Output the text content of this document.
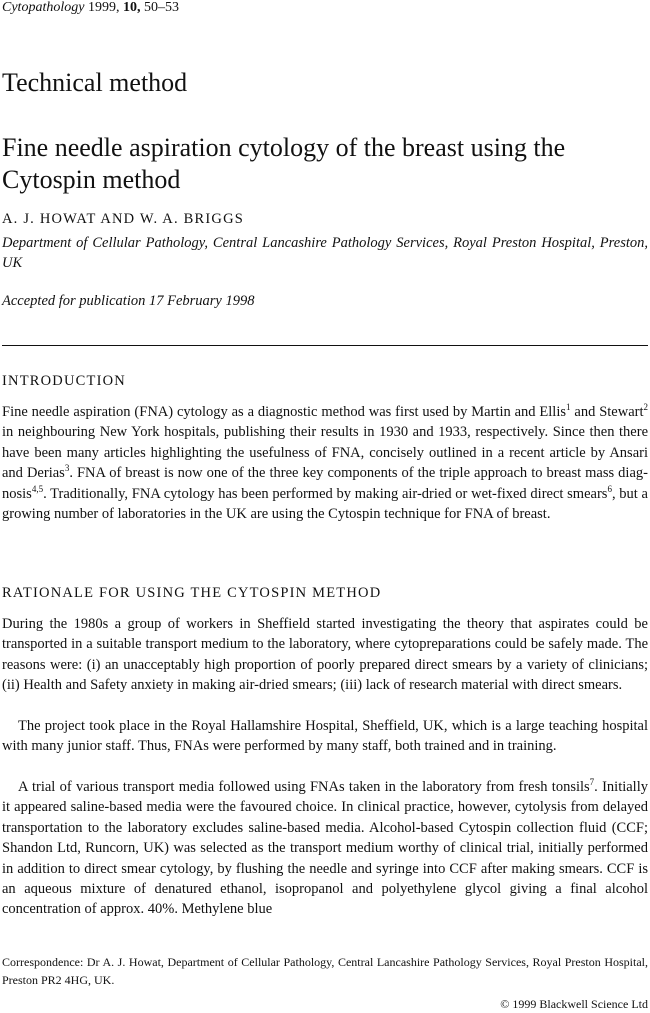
Cytopathology 1999, 10, 50–53
Technical method
Fine needle aspiration cytology of the breast using the Cytospin method
A. J. HOWAT AND W. A. BRIGGS
Department of Cellular Pathology, Central Lancashire Pathology Services, Royal Preston Hospital, Preston, UK
Accepted for publication 17 February 1998
INTRODUCTION
Fine needle aspiration (FNA) cytology as a diagnostic method was first used by Martin and Ellis$^1$ and Stewart$^2$ in neighbouring New York hospitals, publishing their results in 1930 and 1933, respectively. Since then there have been many articles highlighting the usefulness of FNA, concisely outlined in a recent article by Ansari and Derias$^3$. FNA of breast is now one of the three key components of the triple approach to breast mass diagnosis$^{4,5}$. Traditionally, FNA cytology has been performed by making air-dried or wet-fixed direct smears$^6$, but a growing number of laboratories in the UK are using the Cytospin technique for FNA of breast.
RATIONALE FOR USING THE CYTOSPIN METHOD
During the 1980s a group of workers in Sheffield started investigating the theory that aspirates could be transported in a suitable transport medium to the laboratory, where cytopreparations could be safely made. The reasons were: (i) an unacceptably high proportion of poorly prepared direct smears by a variety of clinicians; (ii) Health and Safety anxiety in making air-dried smears; (iii) lack of research material with direct smears.
The project took place in the Royal Hallamshire Hospital, Sheffield, UK, which is a large teaching hospital with many junior staff. Thus, FNAs were performed by many staff, both trained and in training.
A trial of various transport media followed using FNAs taken in the laboratory from fresh tonsils$^7$. Initially it appeared saline-based media were the favoured choice. In clinical practice, however, cytolysis from delayed transportation to the laboratory excludes saline-based media. Alcohol-based Cytospin collection fluid (CCF; Shandon Ltd, Runcorn, UK) was selected as the transport medium worthy of clinical trial, initially performed in addition to direct smear cytology, by flushing the needle and syringe into CCF after making smears. CCF is an aqueous mixture of denatured ethanol, isopropanol and polyethylene glycol giving a final alcohol concentration of approx. 40%. Methylene blue
Correspondence: Dr A. J. Howat, Department of Cellular Pathology, Central Lancashire Pathology Services, Royal Preston Hospital, Preston PR2 4HG, UK.
© 1999 Blackwell Science Ltd
